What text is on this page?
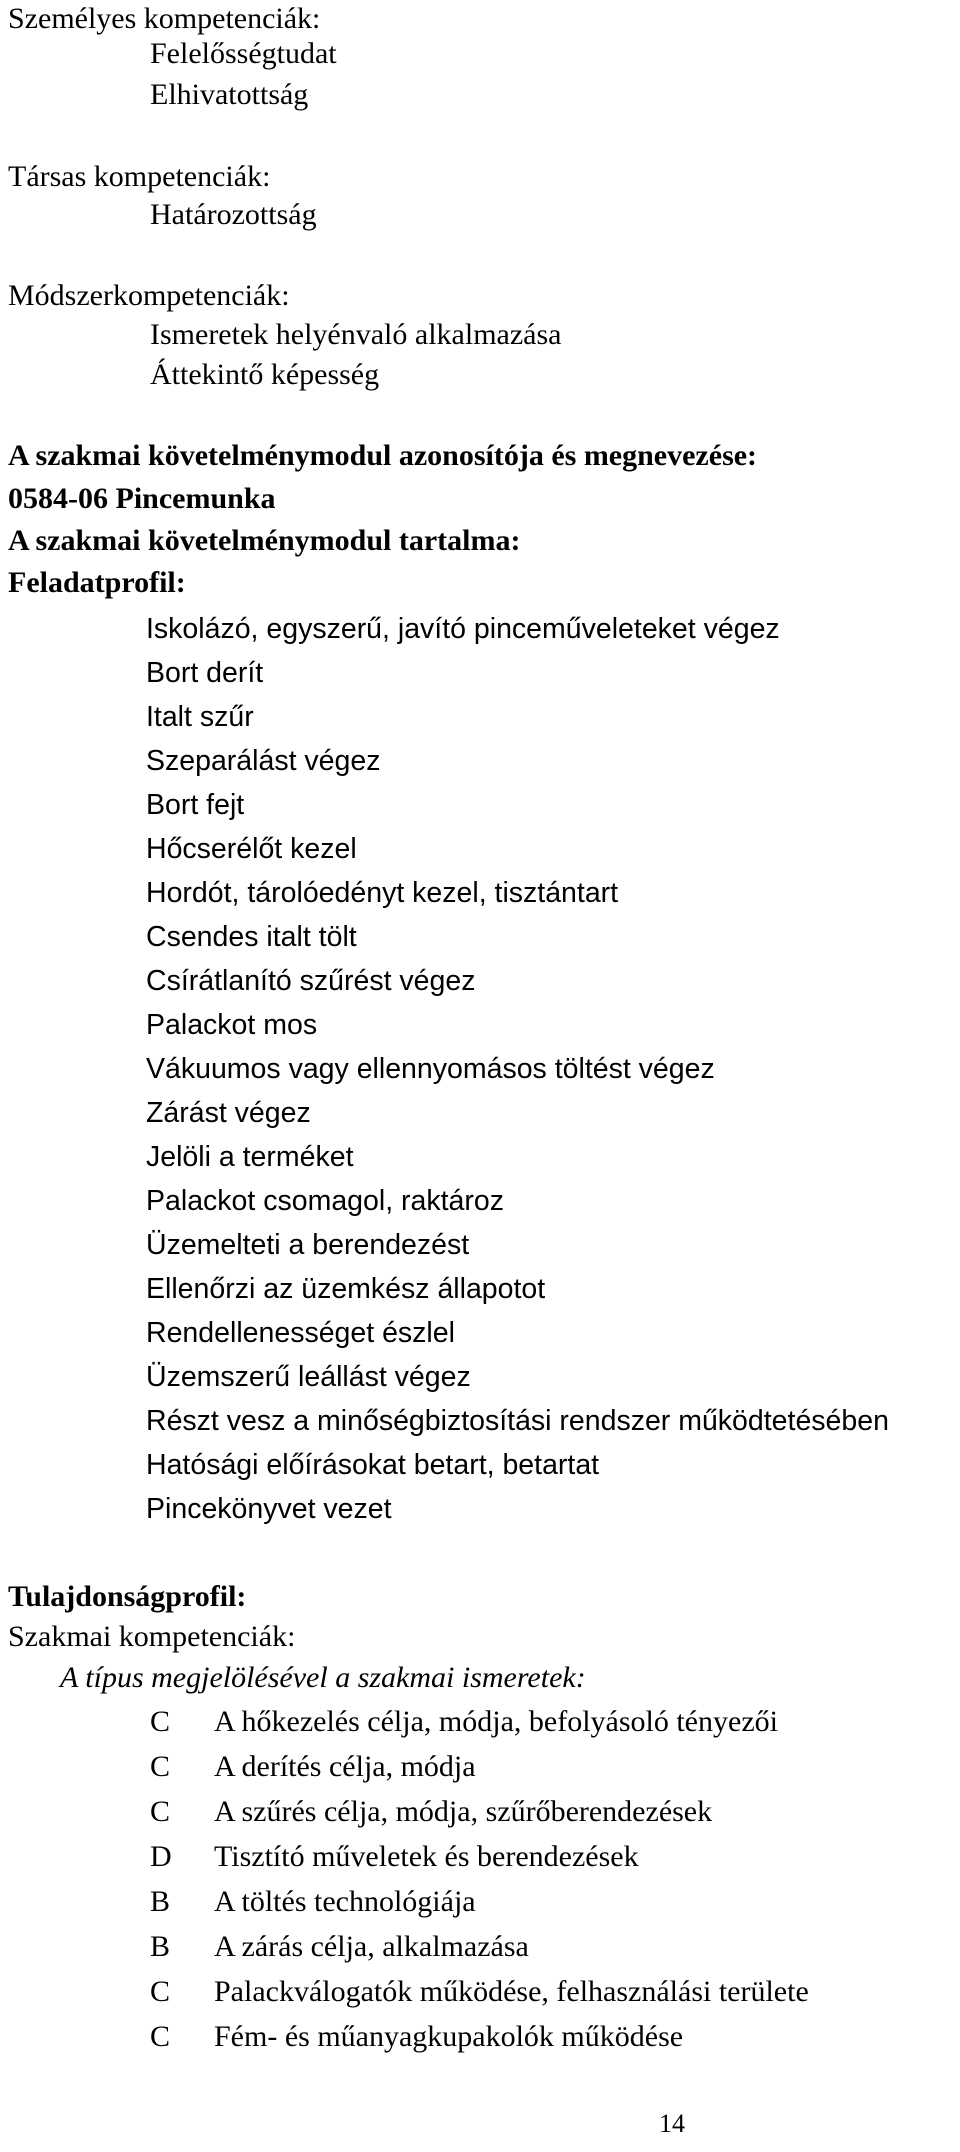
Személyes kompetenciák:
Felelősségtudat
Elhivatottság
Társas kompetenciák:
Határozottság
Módszerkompetenciák:
Ismeretek helyénvaló alkalmazása
Áttekintő képesség
A szakmai követelménymodul azonosítója és megnevezése:
0584-06 Pincemunka
A szakmai követelménymodul tartalma:
Feladatprofil:
Iskolázó, egyszerű, javító pinceműveleteket végez
Bort derít
Italt szűr
Szeparálást végez
Bort fejt
Hőcserélőt kezel
Hordót, tárolóedényt kezel, tisztántart
Csendes italt tölt
Csírátlanító szűrést végez
Palackot mos
Vákuumos vagy ellennyomásos töltést végez
Zárást végez
Jelöli a terméket
Palackot csomagol, raktároz
Üzemelteti a berendezést
Ellenőrzi az üzemkész állapotot
Rendellenességet észlel
Üzemszerű leállást végez
Részt vesz a minőségbiztosítási rendszer működtetésében
Hatósági előírásokat betart, betartat
Pincekönyvet vezet
Tulajdonságprofil:
Szakmai kompetenciák:
A típus megjelölésével a szakmai ismeretek:
C A hőkezelés célja, módja, befolyásoló tényezői
C A derítés célja, módja
C A szűrés célja, módja, szűrőberendezések
D Tisztító műveletek és berendezések
B A töltés technológiája
B A zárás célja, alkalmazása
C Palackválogatók működése, felhasználási területe
C Fém- és műanyagkupakolók működése
14
